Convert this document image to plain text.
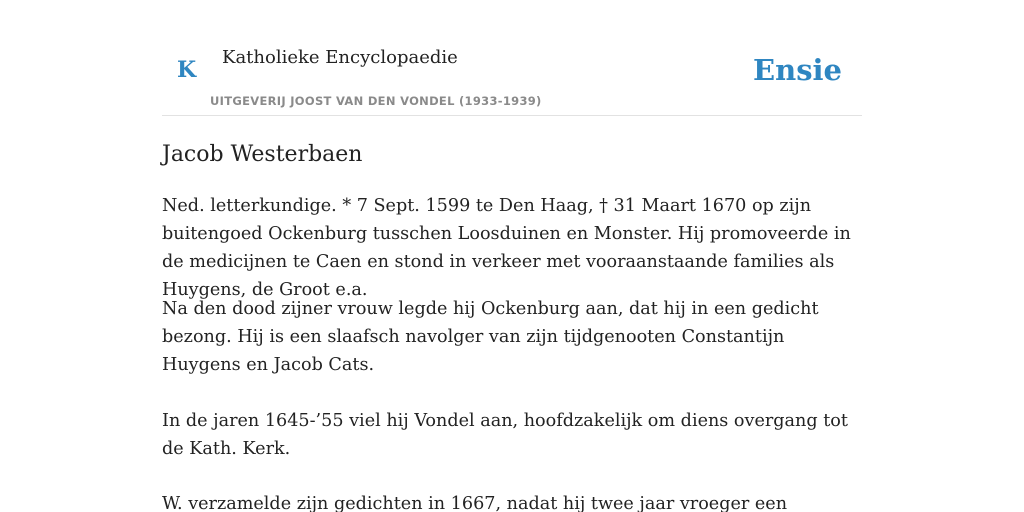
K Katholieke Encyclopaedie
UITGEVERIJ JOOST VAN DEN VONDEL (1933-1939)
Ensie
Jacob Westerbaen

Ned. letterkundige. * 7 Sept. 1599 te Den Haag, † 31 Maart 1670 op zijn buitengoed Ockenburg tusschen Loosduinen en Monster. Hij promoveerde in de medicijnen te Caen en stond in verkeer met vooraanstaande families als Huygens, de Groot e.a.

Na den dood zijner vrouw legde hij Ockenburg aan, dat hij in een gedicht bezong. Hij is een slaafsch navolger van zijn tijdgenooten Constantijn Huygens en Jacob Cats.

In de jaren 1645-’55 viel hij Vondel aan, hoofdzakelijk om diens overgang tot de Kath. Kerk.

W. verzamelde zijn gedichten in 1667, nadat hij twee jaar vroeger een
